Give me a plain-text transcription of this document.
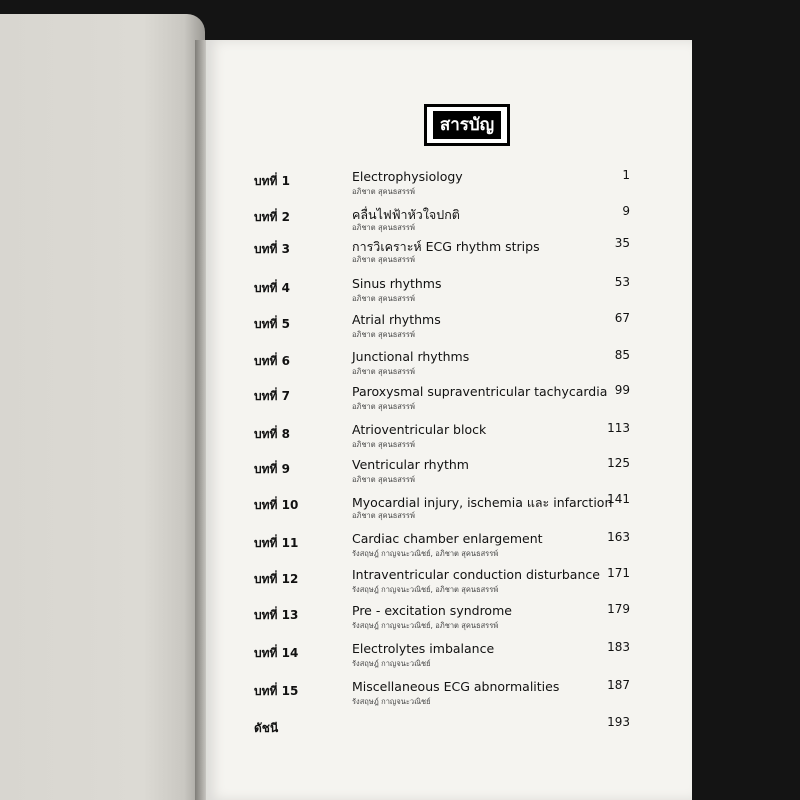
สารบัญ
บทที่ 1	Electrophysiology
อภิชาต สุคนธสรรพ์
1
บทที่ 2	คลื่นไฟฟ้าหัวใจปกติ
อภิชาต สุคนธสรรพ์
9
บทที่ 3	การวิเคราะห์ ECG rhythm strips
อภิชาต สุคนธสรรพ์
35
บทที่ 4	Sinus rhythms
อภิชาต สุคนธสรรพ์
53
บทที่ 5	Atrial rhythms
อภิชาต สุคนธสรรพ์
67
บทที่ 6	Junctional rhythms
อภิชาต สุคนธสรรพ์
85
บทที่ 7	Paroxysmal supraventricular tachycardia
อภิชาต สุคนธสรรพ์
99
บทที่ 8	Atrioventricular block
อภิชาต สุคนธสรรพ์
113
บทที่ 9	Ventricular rhythm
อภิชาต สุคนธสรรพ์
125
บทที่ 10	Myocardial injury, ischemia และ infarction
อภิชาต สุคนธสรรพ์
141
บทที่ 11	Cardiac chamber enlargement
รังสฤษฎ์ กาญจนะวณิชย์, อภิชาต สุคนธสรรพ์
163
บทที่ 12	Intraventricular conduction disturbance
รังสฤษฎ์ กาญจนะวณิชย์, อภิชาต สุคนธสรรพ์
171
บทที่ 13	Pre - excitation syndrome
รังสฤษฎ์ กาญจนะวณิชย์, อภิชาต สุคนธสรรพ์
179
บทที่ 14	Electrolytes imbalance
รังสฤษฎ์ กาญจนะวณิชย์
183
บทที่ 15	Miscellaneous ECG abnormalities
รังสฤษฎ์ กาญจนะวณิชย์
187
ดัชนี	193
